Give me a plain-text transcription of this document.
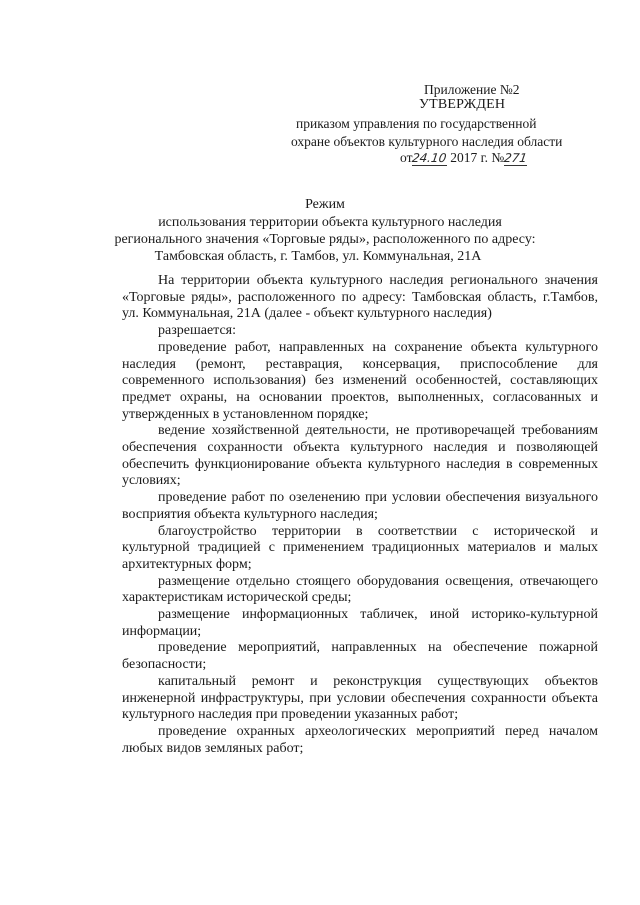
Приложение №2
УТВЕРЖДЕН
приказом управления по государственной
охране объектов культурного наследия области
от24.10 2017 г. №271
Режим
использования территории объекта культурного наследия
регионального значения «Торговые ряды», расположенного по адресу:
Тамбовская область, г. Тамбов, ул. Коммунальная, 21А

На территории объекта культурного наследия регионального значения «Торговые ряды», расположенного по адресу: Тамбовская область, г.Тамбов, ул. Коммунальная, 21А (далее - объект культурного наследия)

разрешается:

проведение работ, направленных на сохранение объекта культурного наследия (ремонт, реставрация, консервация, приспособление для современного использования) без изменений особенностей, составляющих предмет охраны, на основании проектов, выполненных, согласованных и утвержденных в установленном порядке;

ведение хозяйственной деятельности, не противоречащей требованиям обеспечения сохранности объекта культурного наследия и позволяющей обеспечить функционирование объекта культурного наследия в современных условиях;

проведение работ по озеленению при условии обеспечения визуального восприятия объекта культурного наследия;

благоустройство территории в соответствии с исторической и культурной традицией с применением традиционных материалов и малых архитектурных форм;

размещение отдельно стоящего оборудования освещения, отвечающего характеристикам исторической среды;

размещение информационных табличек, иной историко-культурной информации;

проведение мероприятий, направленных на обеспечение пожарной безопасности;

капитальный ремонт и реконструкция существующих объектов инженерной инфраструктуры, при условии обеспечения сохранности объекта культурного наследия при проведении указанных работ;

проведение охранных археологических мероприятий перед началом любых видов земляных работ;
